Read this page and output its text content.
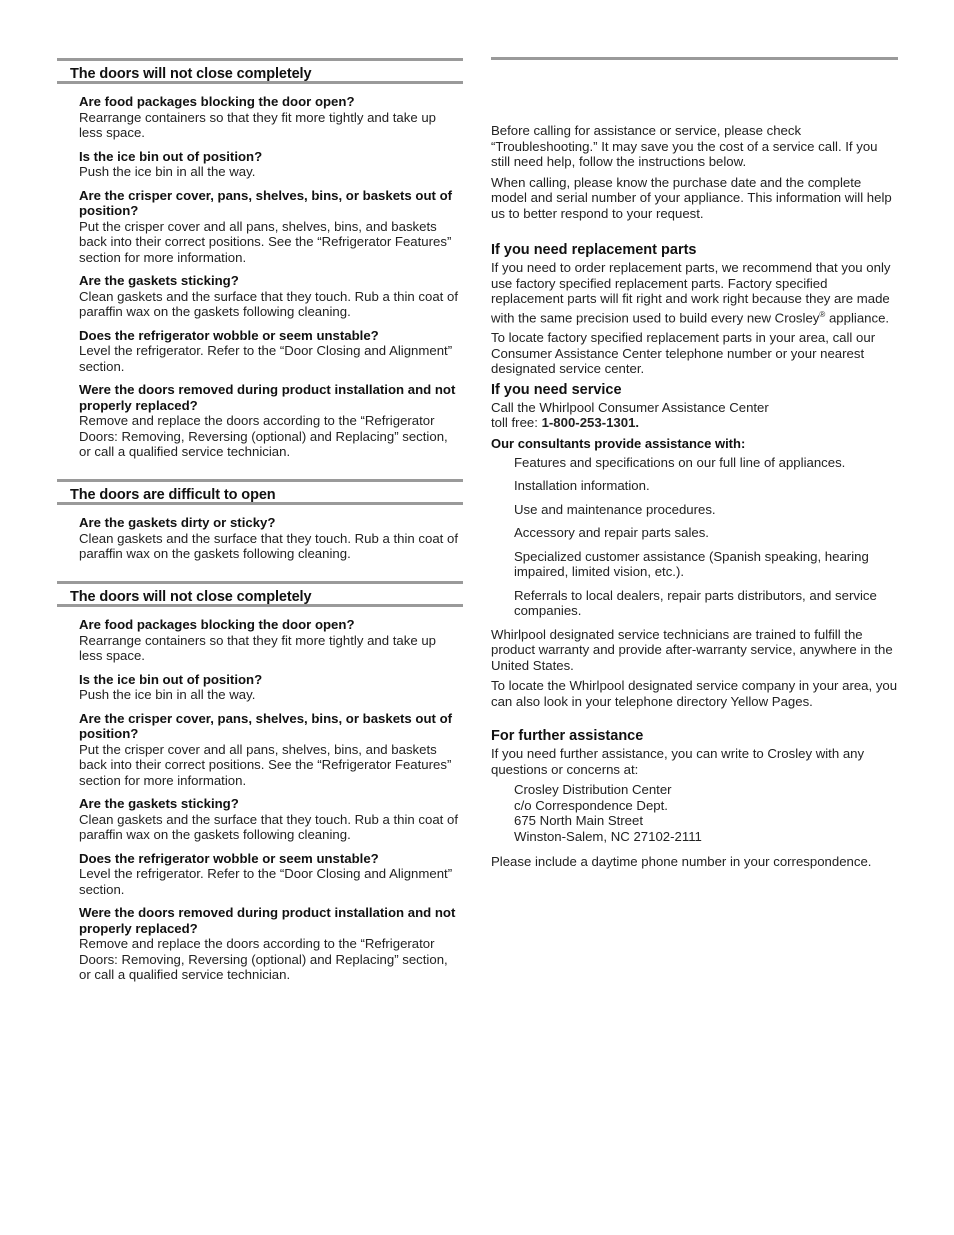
The doors will not close completely
Are food packages blocking the door open?
Rearrange containers so that they fit more tightly and take up less space.
Is the ice bin out of position?
Push the ice bin in all the way.
Are the crisper cover, pans, shelves, bins, or baskets out of position?
Put the crisper cover and all pans, shelves, bins, and baskets back into their correct positions. See the “Refrigerator Features” section for more information.
Are the gaskets sticking?
Clean gaskets and the surface that they touch. Rub a thin coat of paraffin wax on the gaskets following cleaning.
Does the refrigerator wobble or seem unstable?
Level the refrigerator. Refer to the “Door Closing and Alignment” section.
Were the doors removed during product installation and not properly replaced?
Remove and replace the doors according to the “Refrigerator Doors: Removing, Reversing (optional) and Replacing” section, or call a qualified service technician.
The doors are difficult to open
Are the gaskets dirty or sticky?
Clean gaskets and the surface that they touch. Rub a thin coat of paraffin wax on the gaskets following cleaning.
The doors will not close completely
Are food packages blocking the door open?
Rearrange containers so that they fit more tightly and take up less space.
Is the ice bin out of position?
Push the ice bin in all the way.
Are the crisper cover, pans, shelves, bins, or baskets out of position?
Put the crisper cover and all pans, shelves, bins, and baskets back into their correct positions. See the “Refrigerator Features” section for more information.
Are the gaskets sticking?
Clean gaskets and the surface that they touch. Rub a thin coat of paraffin wax on the gaskets following cleaning.
Does the refrigerator wobble or seem unstable?
Level the refrigerator. Refer to the “Door Closing and Alignment” section.
Were the doors removed during product installation and not properly replaced?
Remove and replace the doors according to the “Refrigerator Doors: Removing, Reversing (optional) and Replacing” section, or call a qualified service technician.

Before calling for assistance or service, please check “Troubleshooting.” It may save you the cost of a service call. If you still need help, follow the instructions below.

When calling, please know the purchase date and the complete model and serial number of your appliance. This information will help us to better respond to your request.

If you need replacement parts

If you need to order replacement parts, we recommend that you only use factory specified replacement parts. Factory specified replacement parts will fit right and work right because they are made with the same precision used to build every new Crosley® appliance.

To locate factory specified replacement parts in your area, call our Consumer Assistance Center telephone number or your nearest designated service center.

If you need service

Call the Whirlpool Consumer Assistance Center
toll free: 1-800-253-1301.

Our consultants provide assistance with:
Features and specifications on our full line of appliances.
Installation information.
Use and maintenance procedures.
Accessory and repair parts sales.
Specialized customer assistance (Spanish speaking, hearing impaired, limited vision, etc.).
Referrals to local dealers, repair parts distributors, and service companies.

Whirlpool designated service technicians are trained to fulfill the product warranty and provide after-warranty service, anywhere in the United States.

To locate the Whirlpool designated service company in your area, you can also look in your telephone directory Yellow Pages.

For further assistance

If you need further assistance, you can write to Crosley with any questions or concerns at:

Crosley Distribution Center
c/o Correspondence Dept.
675 North Main Street
Winston-Salem, NC 27102-2111

Please include a daytime phone number in your correspondence.
